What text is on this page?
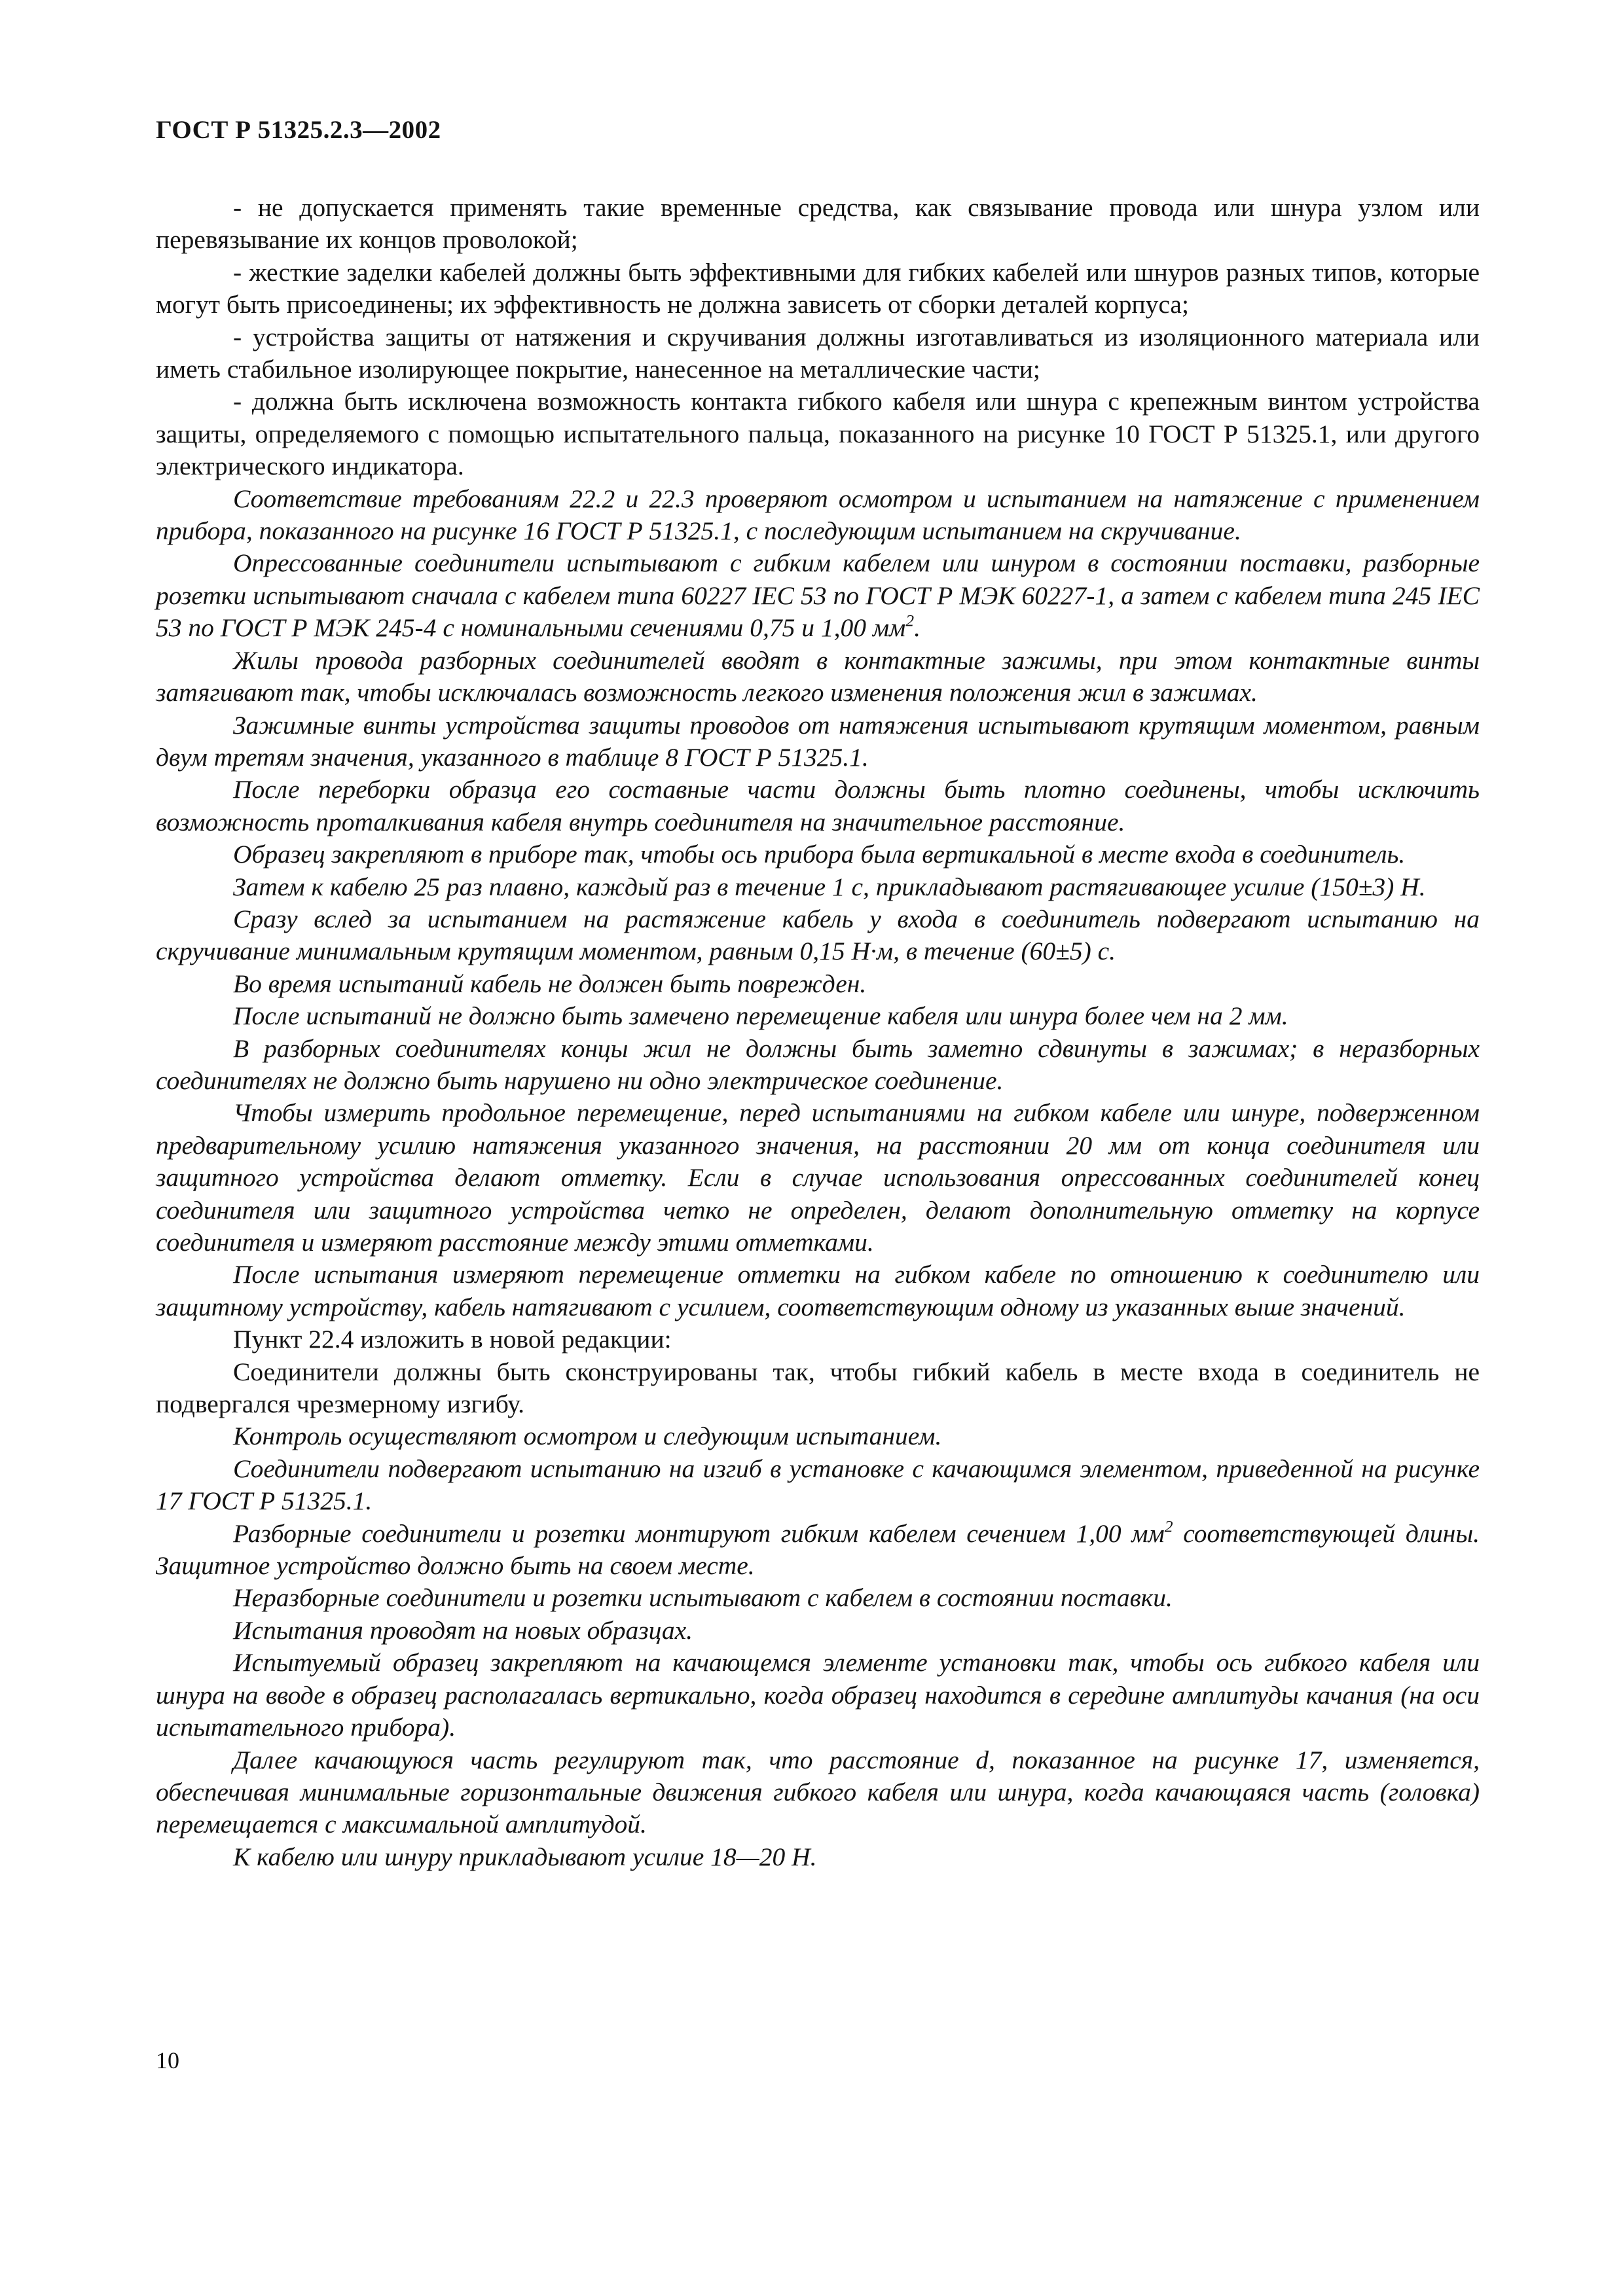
ГОСТ Р 51325.2.3—2002

- не допускается применять такие временные средства, как связывание провода или шнура узлом или перевязывание их концов проволокой;

- жесткие заделки кабелей должны быть эффективными для гибких кабелей или шнуров разных типов, которые могут быть присоединены; их эффективность не должна зависеть от сборки деталей корпуса;

- устройства защиты от натяжения и скручивания должны изготавливаться из изоляционного материала или иметь стабильное изолирующее покрытие, нанесенное на металлические части;

- должна быть исключена возможность контакта гибкого кабеля или шнура с крепежным винтом устройства защиты, определяемого с помощью испытательного пальца, показанного на рисунке 10 ГОСТ Р 51325.1, или другого электрического индикатора.

Соответствие требованиям 22.2 и 22.3 проверяют осмотром и испытанием на натяжение с применением прибора, показанного на рисунке 16 ГОСТ Р 51325.1, с последующим испытанием на скручивание.

Опрессованные соединители испытывают с гибким кабелем или шнуром в состоянии поставки, разборные розетки испытывают сначала с кабелем типа 60227 IEC 53 по ГОСТ Р МЭК 60227-1, а затем с кабелем типа 245 IEC 53 по ГОСТ Р МЭК 245-4 с номинальными сечениями 0,75 и 1,00 $мм^2$.

Жилы провода разборных соединителей вводят в контактные зажимы, при этом контактные винты затягивают так, чтобы исключалась возможность легкого изменения положения жил в зажимах.

Зажимные винты устройства защиты проводов от натяжения испытывают крутящим моментом, равным двум третям значения, указанного в таблице 8 ГОСТ Р 51325.1.

После переборки образца его составные части должны быть плотно соединены, чтобы исключить возможность проталкивания кабеля внутрь соединителя на значительное расстояние.

Образец закрепляют в приборе так, чтобы ось прибора была вертикальной в месте входа в соединитель.

Затем к кабелю 25 раз плавно, каждый раз в течение 1 с, прикладывают растягивающее усилие (150±3) Н.

Сразу вслед за испытанием на растяжение кабель у входа в соединитель подвергают испытанию на скручивание минимальным крутящим моментом, равным 0,15 Н·м, в течение (60±5) с.

Во время испытаний кабель не должен быть поврежден.

После испытаний не должно быть замечено перемещение кабеля или шнура более чем на 2 мм.

В разборных соединителях концы жил не должны быть заметно сдвинуты в зажимах; в неразборных соединителях не должно быть нарушено ни одно электрическое соединение.

Чтобы измерить продольное перемещение, перед испытаниями на гибком кабеле или шнуре, подверженном предварительному усилию натяжения указанного значения, на расстоянии 20 мм от конца соединителя или защитного устройства делают отметку. Если в случае использования опрессованных соединителей конец соединителя или защитного устройства четко не определен, делают дополнительную отметку на корпусе соединителя и измеряют расстояние между этими отметками.

После испытания измеряют перемещение отметки на гибком кабеле по отношению к соединителю или защитному устройству, кабель натягивают с усилием, соответствующим одному из указанных выше значений.

Пункт 22.4 изложить в новой редакции:

Соединители должны быть сконструированы так, чтобы гибкий кабель в месте входа в соединитель не подвергался чрезмерному изгибу.

Контроль осуществляют осмотром и следующим испытанием.

Соединители подвергают испытанию на изгиб в установке с качающимся элементом, приведенной на рисунке 17 ГОСТ Р 51325.1.

Разборные соединители и розетки монтируют гибким кабелем сечением 1,00 $мм^2$ соответствующей длины. Защитное устройство должно быть на своем месте.

Неразборные соединители и розетки испытывают с кабелем в состоянии поставки.

Испытания проводят на новых образцах.

Испытуемый образец закрепляют на качающемся элементе установки так, чтобы ось гибкого кабеля или шнура на вводе в образец располагалась вертикально, когда образец находится в середине амплитуды качания (на оси испытательного прибора).

Далее качающуюся часть регулируют так, что расстояние d, показанное на рисунке 17, изменяется, обеспечивая минимальные горизонтальные движения гибкого кабеля или шнура, когда качающаяся часть (головка) перемещается с максимальной амплитудой.

К кабелю или шнуру прикладывают усилие 18—20 Н.

10
